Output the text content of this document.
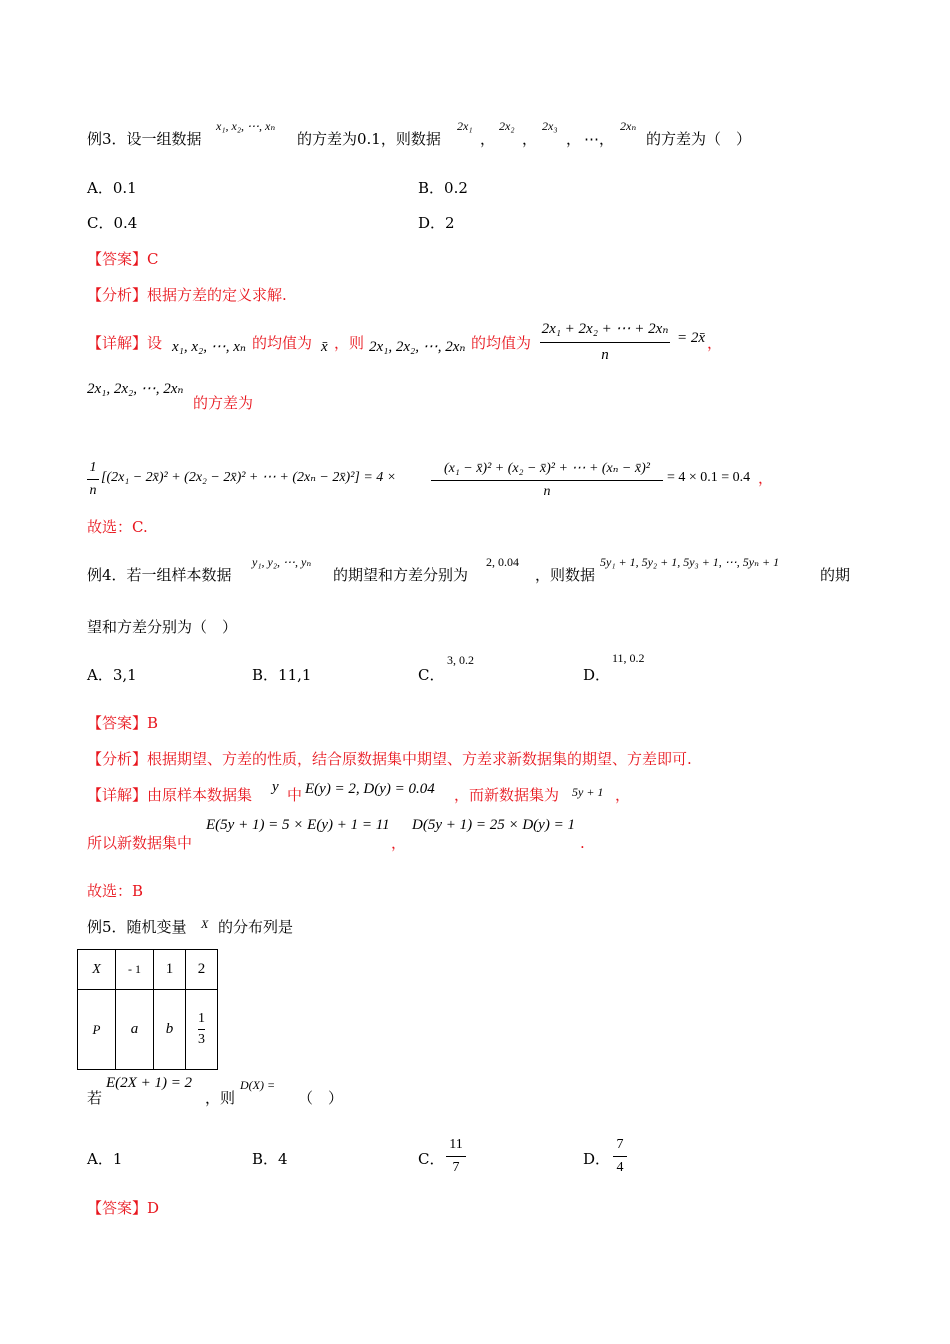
例3．设一组数据
x₁, x₂, ⋯, xₙ
的方差为0.1，则数据
2x₁
，
2x₂
，
2x₃
， ⋯，
2xₙ
的方差为（　）
A．0.1	B．0.2
C．0.4	D．2
【答案】C
【分析】根据方差的定义求解.
【详解】设 x₁, x₂, ⋯, xₙ 的均值为 x̄ ，则 2x₁, 2x₂, ⋯, 2xₙ 的均值为 $\frac{\text{2x₁ + 2x₂ + ⋯ + 2xₙ}}{n}$ = 2x̄ ，
2x₁, 2x₂, ⋯, 2xₙ
的方差为
$\frac{1}{n} [(2x_1$ − 2x̄)² + (2x₂ − 2x̄)² + ⋯ + (2xₙ − 2x̄)²] = $4 \times \frac{\text{(x₁ − x̄)² + (x₂ − x̄)² + ⋯ + (xₙ − x̄)²}}{n} = 4 \times 0.1 = 0.4$ ，
故选：C.
例4．若一组样本数据
y₁, y₂, ⋯, yₙ
的期望和方差分别为
2, 0.04
，则数据
5y₁ + 1, 5y₂ + 1, 5y₃ + 1, ⋯, 5yₙ + 1
的期
望和方差分别为（　）
A．3,1	B．11,1	C．
3, 0.2
D．
11, 0.2
【答案】B
【分析】根据期望、方差的性质，结合原数据集中期望、方差求新数据集的期望、方差即可.
【详解】由原样本数据集 y 中 E(y) = 2, D(y) = 0.04 ，而新数据集为 5y + 1 ，
所以新数据集中
E(5y + 1) = 5 × E(y) + 1 = 11
，
D(5y + 1) = 25 × D(y) = 1
.
故选：B
例5．随机变量 X 的分布列是
X	- 1	1	2
P	a	b	$\frac{1}{3}$
若
E(2X + 1) = 2
，则
D(X) =
（　）
A．1	B．4	C． $\frac{11}{7}$	D． $\frac{7}{4}$
【答案】D
